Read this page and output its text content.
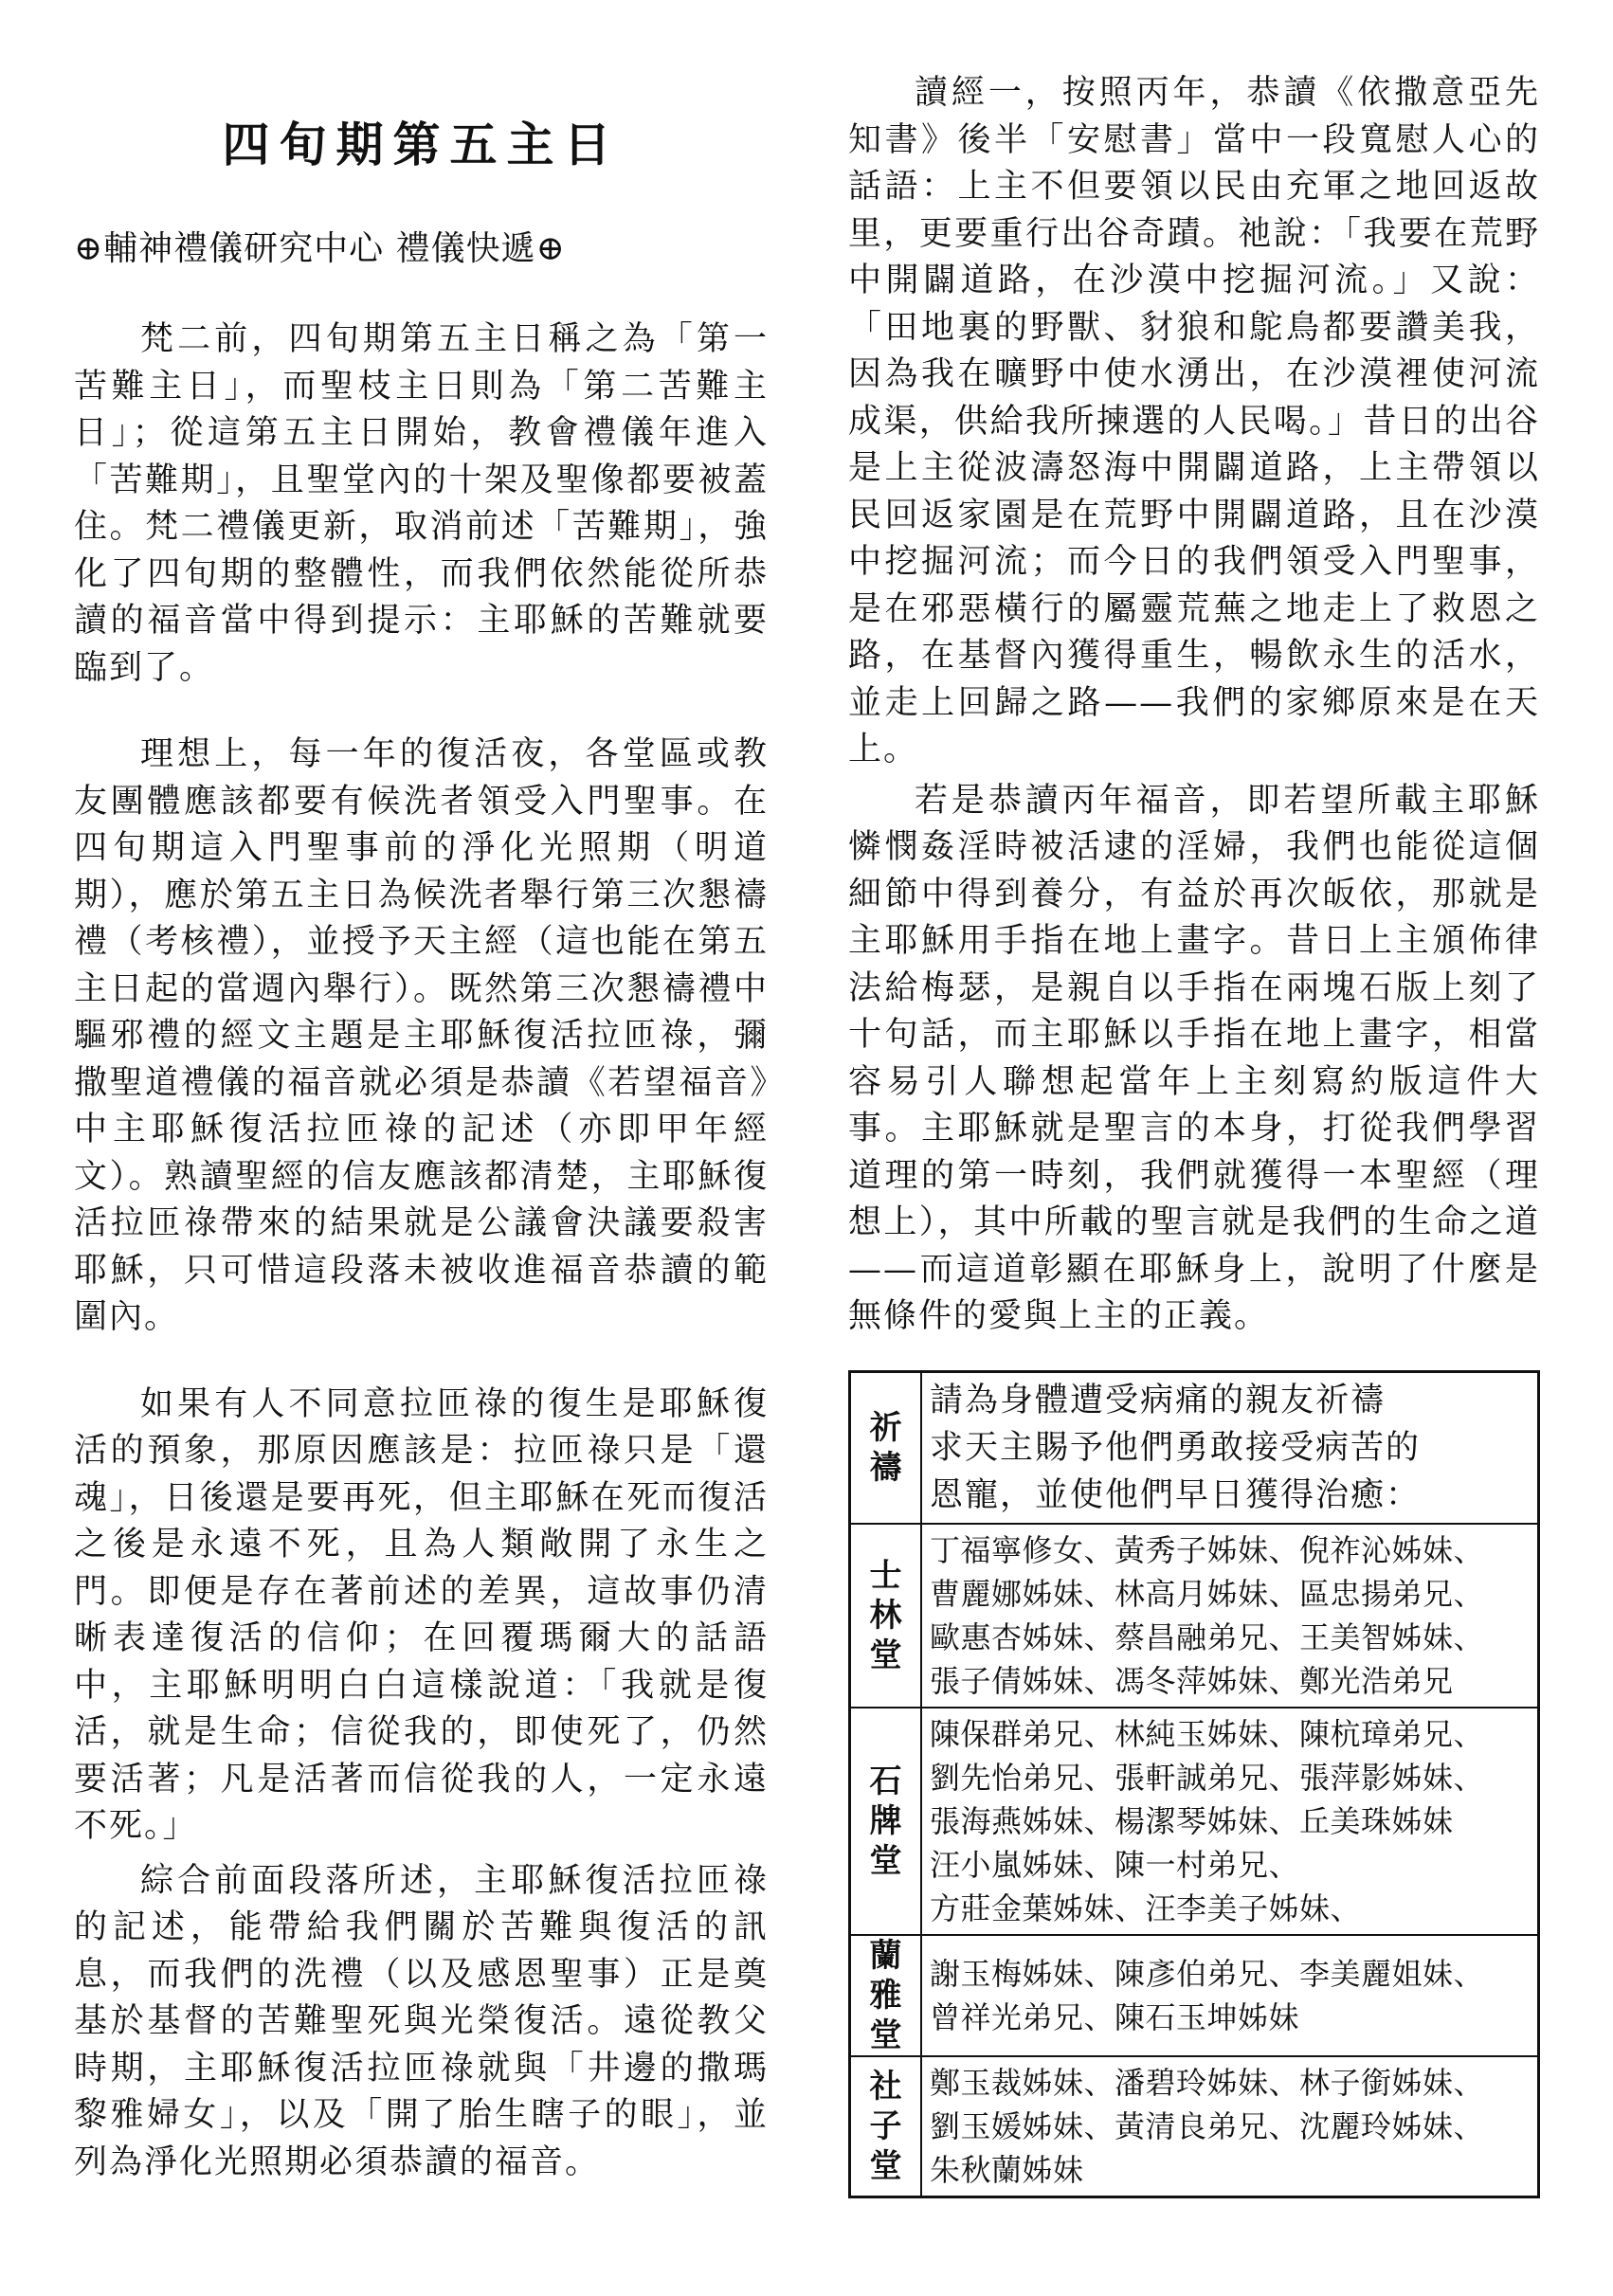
四旬期第五主日
⊕輔神禮儀研究中心 禮儀快遞⊕

梵二前，四旬期第五主日稱之為「第一苦難主日」，而聖枝主日則為「第二苦難主日」；從這第五主日開始，教會禮儀年進入「苦難期」，且聖堂內的十架及聖像都要被蓋住。梵二禮儀更新，取消前述「苦難期」，強化了四旬期的整體性，而我們依然能從所恭讀的福音當中得到提示：主耶穌的苦難就要臨到了。

理想上，每一年的復活夜，各堂區或教友團體應該都要有候洗者領受入門聖事。在四旬期這入門聖事前的淨化光照期（明道期），應於第五主日為候洗者舉行第三次懇禱禮（考核禮），並授予天主經（這也能在第五主日起的當週內舉行）。既然第三次懇禱禮中驅邪禮的經文主題是主耶穌復活拉匝祿，彌撒聖道禮儀的福音就必須是恭讀《若望福音》中主耶穌復活拉匝祿的記述（亦即甲年經文）。熟讀聖經的信友應該都清楚，主耶穌復活拉匝祿帶來的結果就是公議會決議要殺害耶穌，只可惜這段落未被收進福音恭讀的範圍內。

如果有人不同意拉匝祿的復生是耶穌復活的預象，那原因應該是：拉匝祿只是「還魂」，日後還是要再死，但主耶穌在死而復活之後是永遠不死，且為人類敞開了永生之門。即便是存在著前述的差異，這故事仍清晰表達復活的信仰；在回覆瑪爾大的話語中，主耶穌明明白白這樣說道：「我就是復活，就是生命；信從我的，即使死了，仍然要活著；凡是活著而信從我的人，一定永遠不死。」

綜合前面段落所述，主耶穌復活拉匝祿的記述，能帶給我們關於苦難與復活的訊息，而我們的洗禮（以及感恩聖事）正是奠基於基督的苦難聖死與光榮復活。遠從教父時期，主耶穌復活拉匝祿就與「井邊的撒瑪黎雅婦女」，以及「開了胎生瞎子的眼」，並列為淨化光照期必須恭讀的福音。

讀經一，按照丙年，恭讀《依撒意亞先知書》後半「安慰書」當中一段寬慰人心的話語：上主不但要領以民由充軍之地回返故里，更要重行出谷奇蹟。祂說：「我要在荒野中開闢道路，在沙漠中挖掘河流。」又說：「田地裏的野獸、豺狼和鴕鳥都要讚美我，因為我在曠野中使水湧出，在沙漠裡使河流成渠，供給我所揀選的人民喝。」昔日的出谷是上主從波濤怒海中開闢道路，上主帶領以民回返家園是在荒野中開闢道路，且在沙漠中挖掘河流；而今日的我們領受入門聖事，是在邪惡橫行的屬靈荒蕪之地走上了救恩之路，在基督內獲得重生，暢飲永生的活水，並走上回歸之路——我們的家鄉原來是在天上。

若是恭讀丙年福音，即若望所載主耶穌憐憫姦淫時被活逮的淫婦，我們也能從這個細節中得到養分，有益於再次皈依，那就是主耶穌用手指在地上畫字。昔日上主頒佈律法給梅瑟，是親自以手指在兩塊石版上刻了十句話，而主耶穌以手指在地上畫字，相當容易引人聯想起當年上主刻寫約版這件大事。主耶穌就是聖言的本身，打從我們學習道理的第一時刻，我們就獲得一本聖經（理想上），其中所載的聖言就是我們的生命之道——而這道彰顯在耶穌身上，說明了什麼是無條件的愛與上主的正義。

祈
禱	請為身體遭受病痛的親友祈禱
求天主賜予他們勇敢接受病苦的
恩寵，並使他們早日獲得治癒：

士
林
堂	丁福寧修女、黃秀子姊妹、倪祚沁姊妹、
曹麗娜姊妹、林高月姊妹、區忠揚弟兄、
歐惠杏姊妹、蔡昌融弟兄、王美智姊妹、
張子倩姊妹、馮冬萍姊妹、鄭光浩弟兄

石
牌
堂	陳保群弟兄、林純玉姊妹、陳杭璋弟兄、
劉先怡弟兄、張軒誠弟兄、張萍影姊妹、
張海燕姊妹、楊潔琴姊妹、丘美珠姊妹
汪小嵐姊妹、陳一村弟兄、
方莊金葉姊妹、汪李美子姊妹、

蘭
雅
堂	謝玉梅姊妹、陳彥伯弟兄、李美麗姐妹、
曾祥光弟兄、陳石玉坤姊妹

社
子
堂	鄭玉裁姊妹、潘碧玲姊妹、林子銜姊妹、
劉玉媛姊妹、黃清良弟兄、沈麗玲姊妹、
朱秋蘭姊妹
